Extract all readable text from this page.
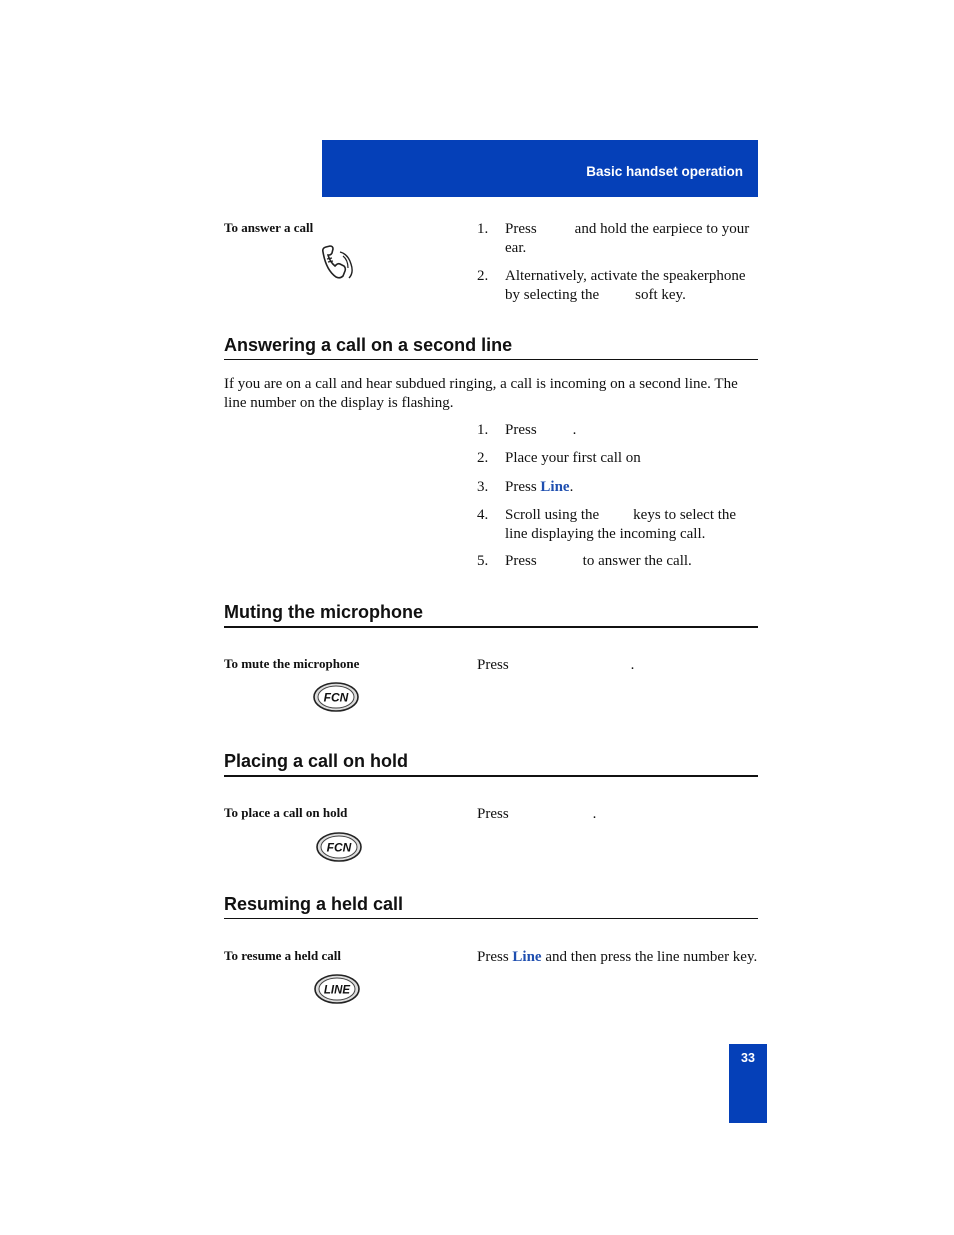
Basic handset operation
To answer a call	1. Press	and hold the earpiece to your ear.
2. Alternatively, activate the speakerphone by selecting the soft key.
Answering a call on a second line
If you are on a call and hear subdued ringing, a call is incoming on a second line. The line number on the display is flashing.
1. Press .
2. Place your first call on
3. Press Line.
4. Scroll using the keys to select the line displaying the incoming call.
5. Press	to answer the call.
Muting the microphone
To mute the microphone	Press	.
FCN
Placing a call on hold
To place a call on hold	Press	.
FCN
Resuming a held call
To resume a held call	Press Line and then press the line number key.
LINE
33
